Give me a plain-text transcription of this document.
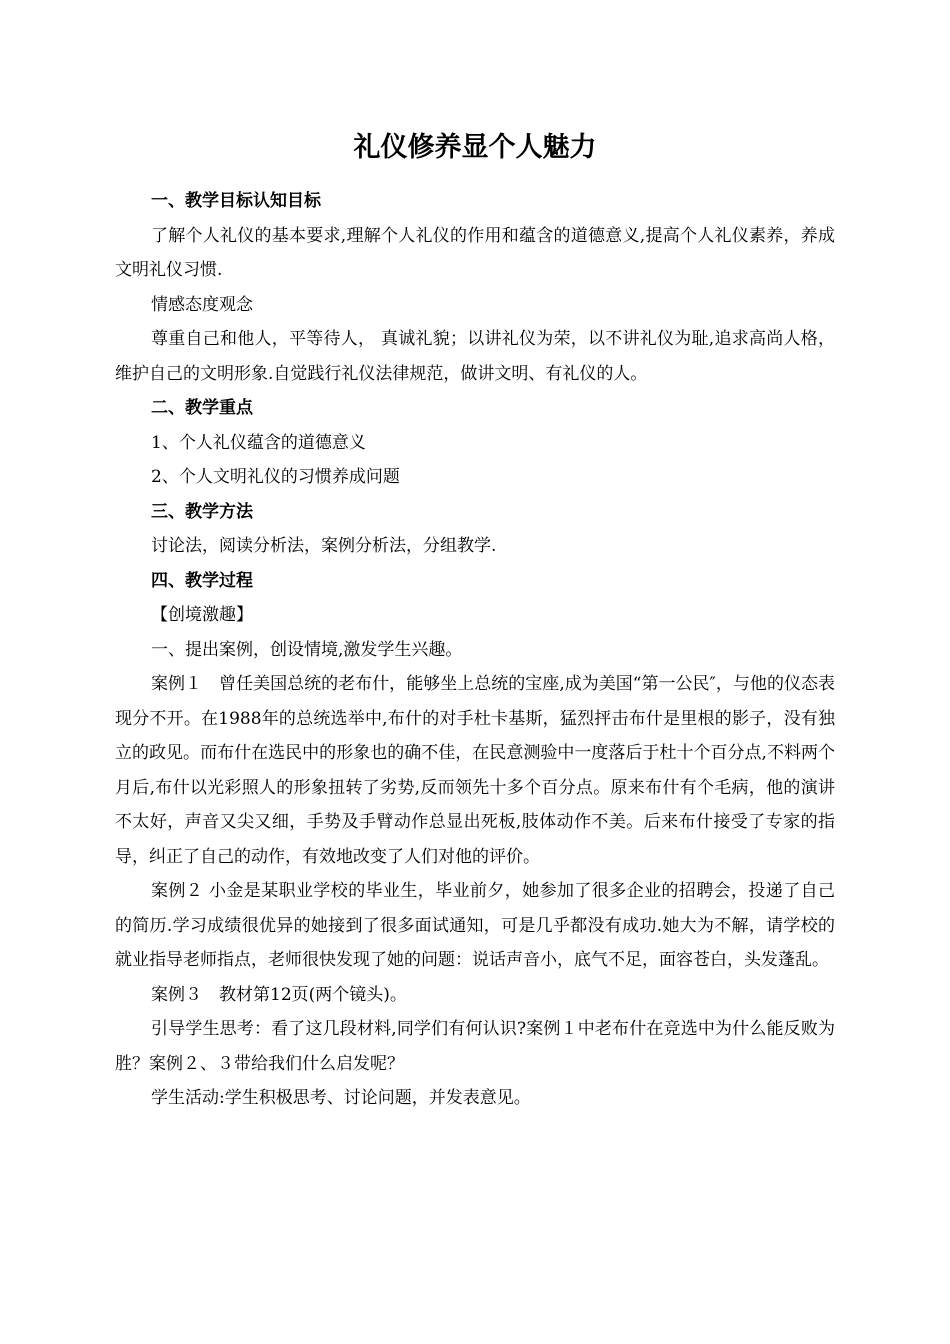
礼仪修养显个人魅力

一、教学目标认知目标

了解个人礼仪的基本要求,理解个人礼仪的作用和蕴含的道德意义,提高个人礼仪素养，养成文明礼仪习惯.

情感态度观念

尊重自己和他人，平等待人， 真诚礼貌；以讲礼仪为荣，以不讲礼仪为耻,追求高尚人格，维护自己的文明形象.自觉践行礼仪法律规范，做讲文明、有礼仪的人。

二、教学重点

1、个人礼仪蕴含的道德意义

2、个人文明礼仪的习惯养成问题

三、教学方法

讨论法，阅读分析法，案例分析法，分组教学.

四、教学过程

【创境激趣】

一、提出案例，创设情境,激发学生兴趣。

案例１　曾任美国总统的老布什，能够坐上总统的宝座,成为美国“第一公民″，与他的仪态表现分不开。在1988年的总统选举中,布什的对手杜卡基斯，猛烈抨击布什是里根的影子，没有独立的政见。而布什在选民中的形象也的确不佳，在民意测验中一度落后于杜十个百分点,不料两个月后,布什以光彩照人的形象扭转了劣势,反而领先十多个百分点。原来布什有个毛病，他的演讲不太好，声音又尖又细，手势及手臂动作总显出死板,肢体动作不美。后来布什接受了专家的指导，纠正了自己的动作，有效地改变了人们对他的评价。

案例２ 小金是某职业学校的毕业生，毕业前夕，她参加了很多企业的招聘会，投递了自己的简历.学习成绩很优异的她接到了很多面试通知，可是几乎都没有成功.她大为不解，请学校的就业指导老师指点，老师很快发现了她的问题：说话声音小，底气不足，面容苍白，头发蓬乱。

案例３　教材第12页(两个镜头)。

引导学生思考：看了这几段材料,同学们有何认识?案例１中老布什在竞选中为什么能反败为胜？案例２、３带给我们什么启发呢？

学生活动:学生积极思考、讨论问题，并发表意见。
